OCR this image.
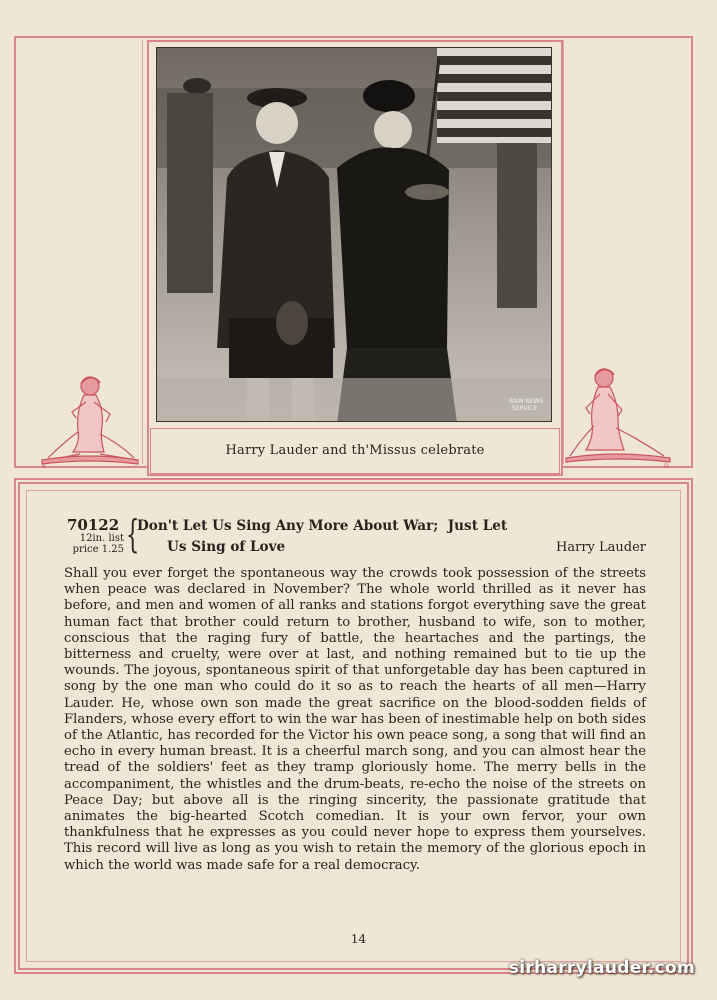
E	D
BAIN NEWS
SERVICE
Harry Lauder and th'Missus celebrate
70122
12in. list
price 1.25 {
Don't Let Us Sing Any More About War;  Just Let
Us Sing of Love	Harry Lauder
Shall you ever forget the spontaneous way the crowds took possession of the streets when peace was declared in November? The whole world thrilled as it never has before, and men and women of all ranks and stations forgot everything save the great human fact that brother could return to brother, husband to wife, son to mother, conscious that the raging fury of battle, the heartaches and the partings, the bitterness and cruelty, were over at last, and nothing remained but to tie up the wounds. The joyous, spontaneous spirit of that unforgetable day has been captured in song by the one man who could do it so as to reach the hearts of all men—Harry Lauder. He, whose own son made the great sacrifice on the blood-sodden fields of Flanders, whose every effort to win the war has been of inestimable help on both sides of the Atlantic, has recorded for the Victor his own peace song, a song that will find an echo in every human breast. It is a cheerful march song, and you can almost hear the tread of the soldiers' feet as they tramp gloriously home. The merry bells in the accompaniment, the whistles and the drum-beats, re-echo the noise of the streets on Peace Day; but above all is the ringing sincerity, the passionate gratitude that animates the big-hearted Scotch comedian. It is your own fervor, your own thankfulness that he expresses as you could never hope to express them yourselves. This record will live as long as you wish to retain the memory of the glorious epoch in which the world was made safe for a real democracy.
14
sirharrylauder.com
